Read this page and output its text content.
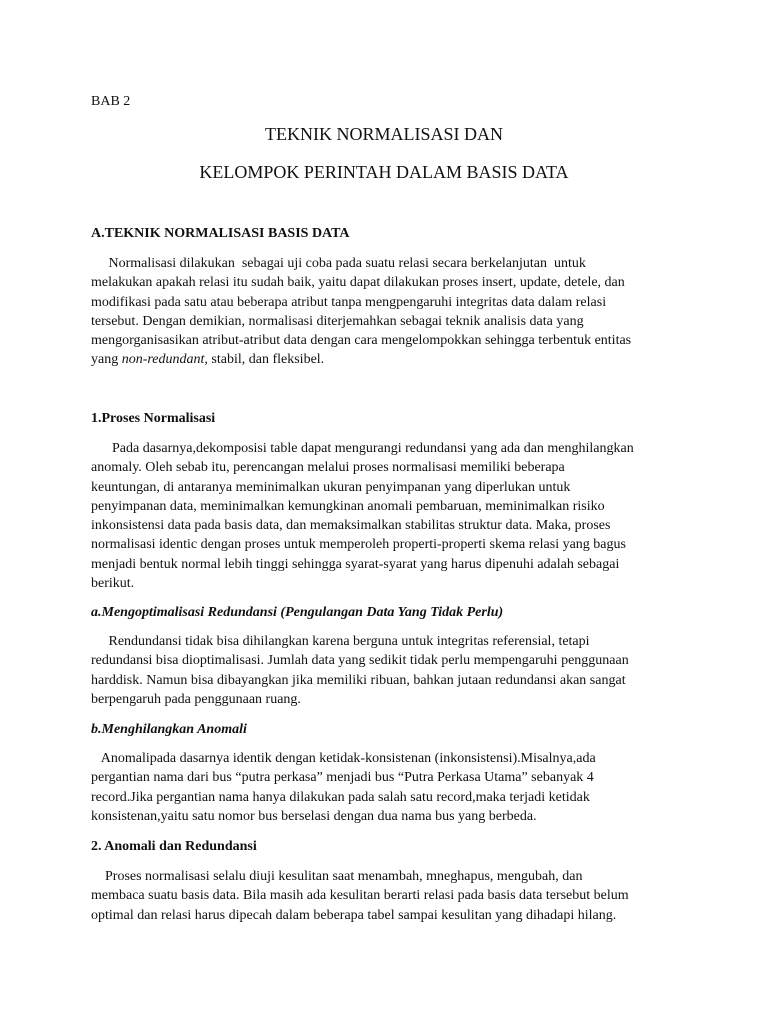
BAB 2

TEKNIK NORMALISASI DAN
KELOMPOK PERINTAH DALAM BASIS DATA

A.TEKNIK NORMALISASI BASIS DATA

Normalisasi dilakukan  sebagai uji coba pada suatu relasi secara berkelanjutan  untuk
melakukan apakah relasi itu sudah baik, yaitu dapat dilakukan proses insert, update, detele, dan
modifikasi pada satu atau beberapa atribut tanpa mengpengaruhi integritas data dalam relasi
tersebut. Dengan demikian, normalisasi diterjemahkan sebagai teknik analisis data yang
mengorganisasikan atribut-atribut data dengan cara mengelompokkan sehingga terbentuk entitas
yang non-redundant, stabil, dan fleksibel.

1.Proses Normalisasi

Pada dasarnya,dekomposisi table dapat mengurangi redundansi yang ada dan menghilangkan
anomaly. Oleh sebab itu, perencangan melalui proses normalisasi memiliki beberapa
keuntungan, di antaranya meminimalkan ukuran penyimpanan yang diperlukan untuk
penyimpanan data, meminimalkan kemungkinan anomali pembaruan, meminimalkan risiko
inkonsistensi data pada basis data, dan memaksimalkan stabilitas struktur data. Maka, proses
normalisasi identic dengan proses untuk memperoleh properti-properti skema relasi yang bagus
menjadi bentuk normal lebih tinggi sehingga syarat-syarat yang harus dipenuhi adalah sebagai
berikut.

a.Mengoptimalisasi Redundansi (Pengulangan Data Yang Tidak Perlu)

Rendundansi tidak bisa dihilangkan karena berguna untuk integritas referensial, tetapi
redundansi bisa dioptimalisasi. Jumlah data yang sedikit tidak perlu mempengaruhi penggunaan
harddisk. Namun bisa dibayangkan jika memiliki ribuan, bahkan jutaan redundansi akan sangat
berpengaruh pada penggunaan ruang.

b.Menghilangkan Anomali

Anomalipada dasarnya identik dengan ketidak-konsistenan (inkonsistensi).Misalnya,ada
pergantian nama dari bus “putra perkasa” menjadi bus “Putra Perkasa Utama” sebanyak 4
record.Jika pergantian nama hanya dilakukan pada salah satu record,maka terjadi ketidak
konsistenan,yaitu satu nomor bus berselasi dengan dua nama bus yang berbeda.

2. Anomali dan Redundansi

Proses normalisasi selalu diuji kesulitan saat menambah, mneghapus, mengubah, dan
membaca suatu basis data. Bila masih ada kesulitan berarti relasi pada basis data tersebut belum
optimal dan relasi harus dipecah dalam beberapa tabel sampai kesulitan yang dihadapi hilang.
